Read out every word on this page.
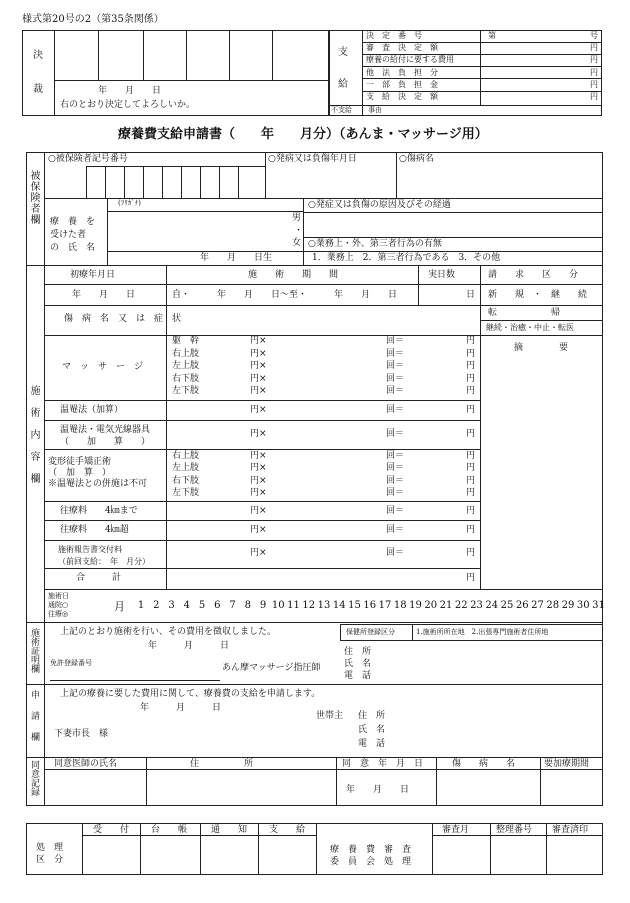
様式第20号の2（第35条関係）
決
裁	年　　月　　日
右のとおり決定してよろしいか。
支
給
決　定　番　号	第	号
審　査　決　定　額	円
療養の給付に要する費用	円
他　法　負　担　分	円
一　部　負　担　金	円
支　給　決　定　額	円
不支給 事由
療養費支給申請書（　　年　　月分）（あんま・マッサージ用）
被保険者欄
○被保険者記号番号	○発病又は負傷年月日	○傷病名
(ﾌﾘｶﾞﾅ)
療　養　を
受けた者
の　氏　名
男
・
女
年　　月　　日生
○発症又は負傷の原因及びその経過
○業務上・外、第三者行為の有無
1．業務上　2．第三者行為である　3．その他
施術内容欄
初療年月日	施　　術　　期　　間	実日数	請　　求　　区　　分
年　　月　　日	自・　　　年　　月　　日〜至・　　　年　　月　　日	日 新　　規　・　継　　続
傷　病　名　又　は　症　状
転　　　　　　帰
継続・治癒・中止・転医
摘　　　　要
マ　ッ　サ　ー　ジ
躯　幹	円×	回＝	円
右上肢	円×	回＝	円
左上肢	円×	回＝	円
右下肢	円×	回＝	円
左下肢	円×	回＝	円
温罨法（加算）	円×	回＝	円
温罨法・電気光線器具
（　　加　　算　　）
円×	回＝	円
変形徒手矯正術
（　加　算　）
※温罨法との併施は不可
右上肢	円×	回＝	円
左上肢	円×	回＝	円
右下肢	円×	回＝	円
左下肢	円×	回＝	円
往療料　　4㎞まで	円×	回＝	円
往療料　　4㎞超	円×	回＝	円
施術報告書交付料
（前回支給：　年　月分）
円×	回＝	円
合　　　計	円
施術日
通院○
往療◎
月	1 2 3 4 5 6 7 8 9 10 11 12 13 14 15 16 17 18 19 20 21 22 23 24 25 26 27 28 29 30 31
施術証明欄 上記のとおり施術を行い、その費用を徴収しました。
年　　　月　　　日
保健所登録区分	1.施術所所在地　2.出張専門施術者住所地
免許登録番号	あん摩マッサージ指圧師
住　所
氏　名
電　話
申請欄 上記の療養に要した費用に関して、療養費の支給を申請します。
年　　　月　　　日
世帯主 住　所
氏　名
電　話
下妻市長　様
同意記録 同意医師の氏名	住　　　　　所	同　意　年　月　日	傷　　病　　名	要加療期間
年　　月　　日
処　理
区　分
受　　付	台　　帳	通　　知	支　　給
療　養　費　審　査
委　員　会　処　理
審査月	整理番号 審査済印
